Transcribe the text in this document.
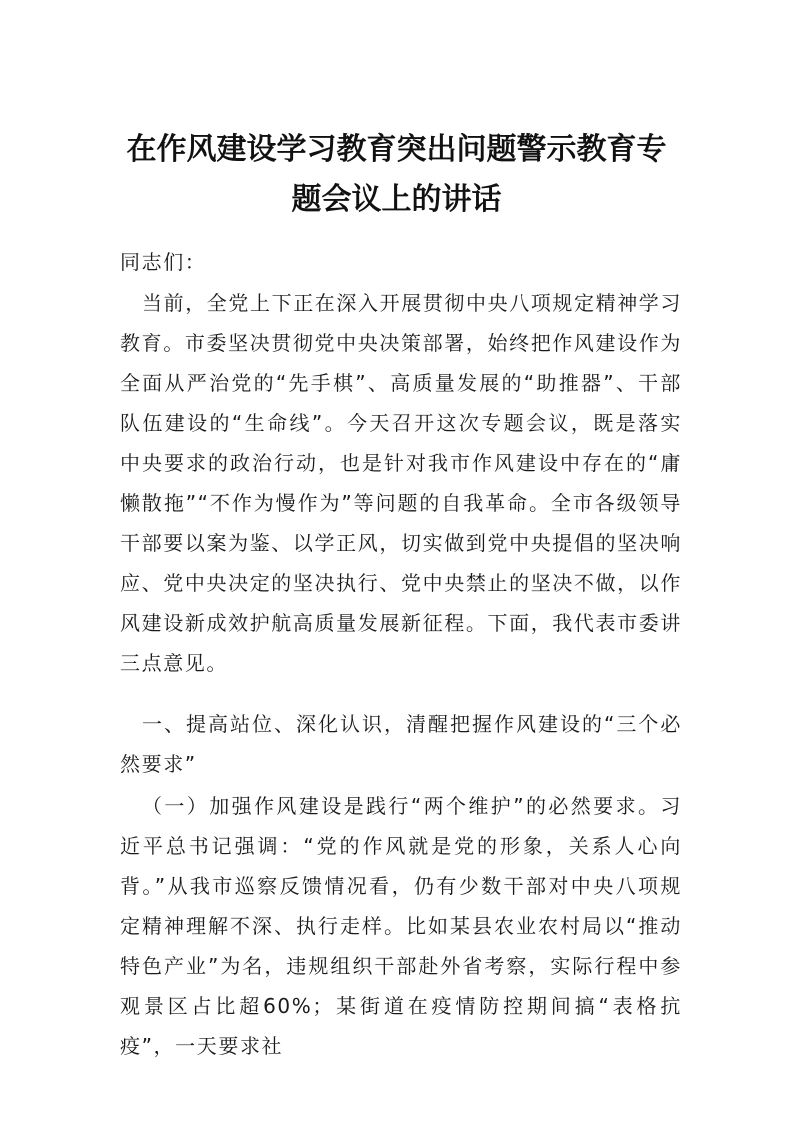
在作风建设学习教育突出问题警示教育专
题会议上的讲话

同志们：

当前，全党上下正在深入开展贯彻中央八项规定精神学习教育。市委坚决贯彻党中央决策部署，始终把作风建设作为全面从严治党的“先手棋”、高质量发展的“助推器”、干部队伍建设的“生命线”。今天召开这次专题会议，既是落实中央要求的政治行动，也是针对我市作风建设中存在的“庸懒散拖”“不作为慢作为”等问题的自我革命。全市各级领导干部要以案为鉴、以学正风，切实做到党中央提倡的坚决响应、党中央决定的坚决执行、党中央禁止的坚决不做，以作风建设新成效护航高质量发展新征程。下面，我代表市委讲三点意见。

一、提高站位、深化认识，清醒把握作风建设的“三个必然要求”

（一）加强作风建设是践行“两个维护”的必然要求。习近平总书记强调：“党的作风就是党的形象，关系人心向背。”从我市巡察反馈情况看，仍有少数干部对中央八项规定精神理解不深、执行走样。比如某县农业农村局以“推动特色产业”为名，违规组织干部赴外省考察，实际行程中参观景区占比超60%；某街道在疫情防控期间搞“表格抗疫”，一天要求社
